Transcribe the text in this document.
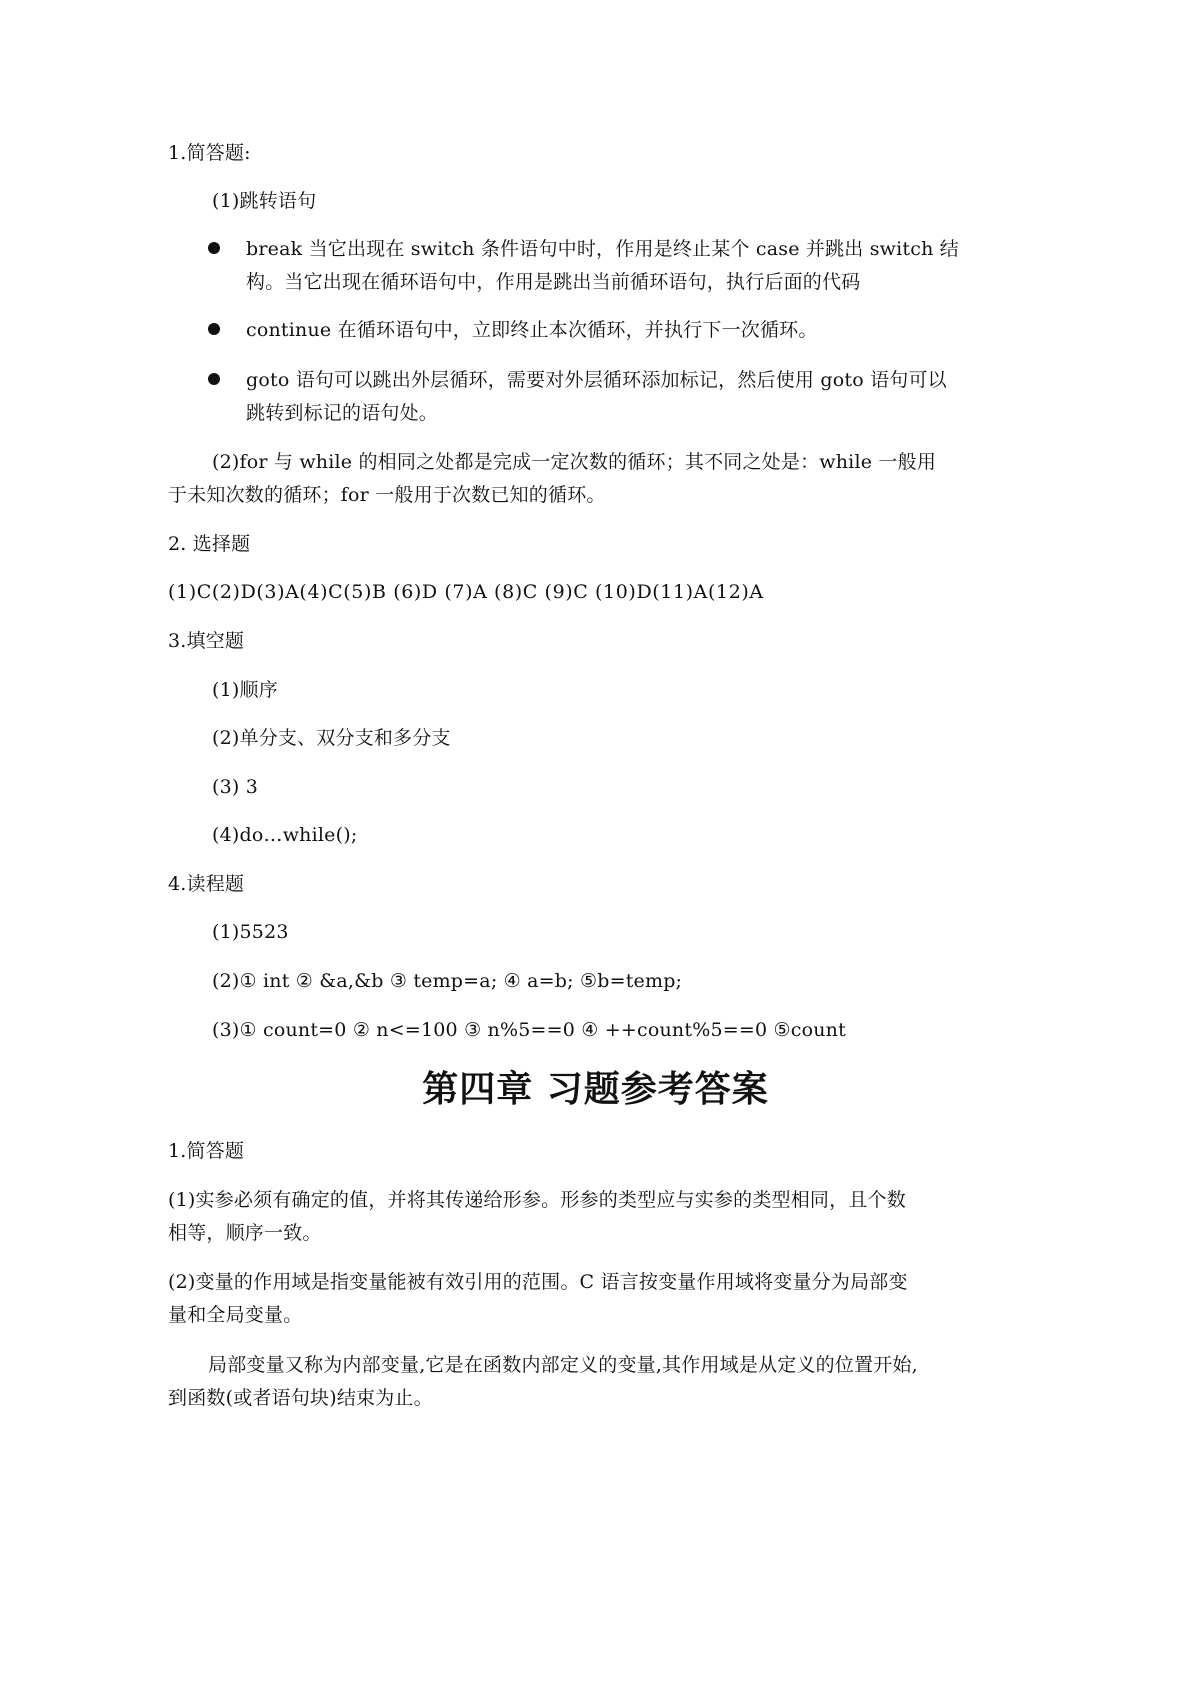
1.简答题:
(1)跳转语句
break 当它出现在 switch 条件语句中时，作用是终止某个 case 并跳出 switch 结
构。当它出现在循环语句中，作用是跳出当前循环语句，执行后面的代码
continue 在循环语句中，立即终止本次循环，并执行下一次循环。
goto 语句可以跳出外层循环，需要对外层循环添加标记，然后使用 goto 语句可以
跳转到标记的语句处。
(2)for 与 while 的相同之处都是完成一定次数的循环；其不同之处是：while 一般用
于未知次数的循环；for 一般用于次数已知的循环。
2. 选择题
(1)C(2)D(3)A(4)C(5)B (6)D (7)A (8)C (9)C (10)D(11)A(12)A
3.填空题
(1)顺序
(2)单分支、双分支和多分支
(3) 3
(4)do…while();
4.读程题
(1)5523
(2)① int ② &a,&b ③ temp=a; ④ a=b; ⑤b=temp;
(3)① count=0 ② n<=100 ③ n%5==0 ④ ++count%5==0 ⑤count
第四章 习题参考答案
1.简答题
(1)实参必须有确定的值，并将其传递给形参。形参的类型应与实参的类型相同，且个数
相等，顺序一致。
(2)变量的作用域是指变量能被有效引用的范围。C 语言按变量作用域将变量分为局部变
量和全局变量。
局部变量又称为内部变量,它是在函数内部定义的变量,其作用域是从定义的位置开始,
到函数(或者语句块)结束为止。
